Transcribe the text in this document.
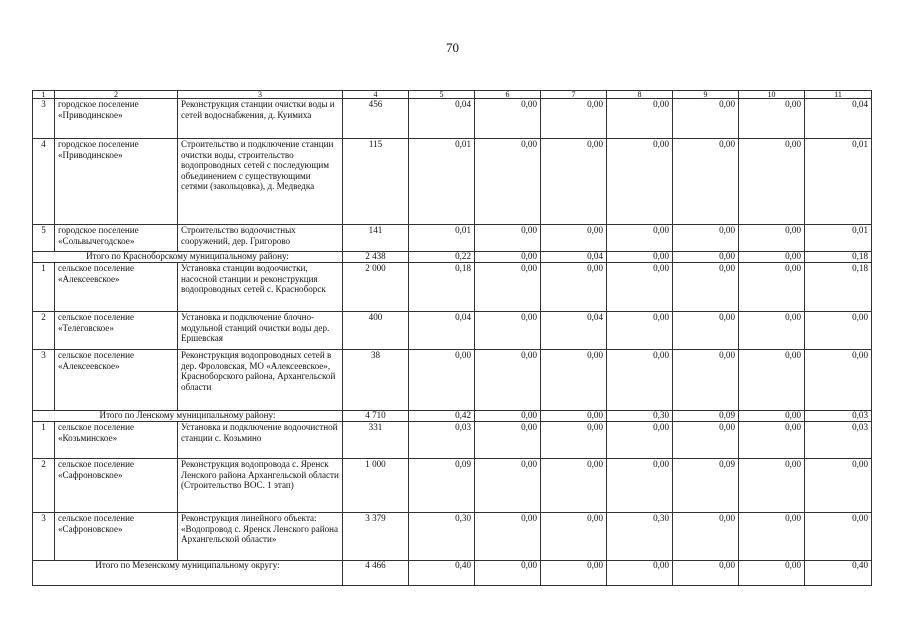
70
1	2	3	4	5	6	7	8	9	10	11
3	городское поселение «Приводинское»	Реконструкция станции очистки воды и сетей водоснабжения, д. Куимиха	456	0,04	0,00	0,00	0,00	0,00	0,00	0,04
4	городское поселение «Приводинское»	Строительство и подключение станции очистки воды, строительство водопроводных сетей с последующим объединением с существующими сетями (закольцовка), д. Медведка	115	0,01	0,00	0,00	0,00	0,00	0,00	0,01
5	городское поселение «Сольвычегодское»	Строительство водоочистных сооружений, дер. Григорово	141	0,01	0,00	0,00	0,00	0,00	0,00	0,01
Итого по Красноборскому муниципальному району:			2 438	0,22	0,00	0,04	0,00	0,00	0,00	0,18
1	сельское поселение «Алексеевское»	Установка станции водоочистки, насосной станции и реконструкция водопроводных сетей с. Красноборск	2 000	0,18	0,00	0,00	0,00	0,00	0,00	0,18
2	сельское поселение «Телеговское»	Установка и подключение блочно-модульной станций очистки воды дер. Ершевская	400	0,04	0,00	0,04	0,00	0,00	0,00	0,00
3	сельское поселение «Алексеевское»	Реконструкция водопроводных сетей в дер. Фроловская, МО «Алексеевское», Красноборского района, Архангельской области	38	0,00	0,00	0,00	0,00	0,00	0,00	0,00
Итого по Ленскому муниципальному району:			4 710	0,42	0,00	0,00	0,30	0,09	0,00	0,03
1	сельское поселение «Козьминское»	Установка и подключение водоочистной станции с. Козьмино	331	0,03	0,00	0,00	0,00	0,00	0,00	0,03
2	сельское поселение «Сафроновское»	Реконструкция водопровода с. Яренск Ленского района Архангельской области (Строительство ВОС. 1 этап)	1 000	0,09	0,00	0,00	0,00	0,09	0,00	0,00
3	сельское поселение «Сафроновское»	Реконструкция линейного объекта: «Водопровод с. Яренск Ленского района Архангельской области»	3 379	0,30	0,00	0,00	0,30	0,00	0,00	0,00
Итого по Мезенскому муниципальному округу:			4 466	0,40	0,00	0,00	0,00	0,00	0,00	0,40
